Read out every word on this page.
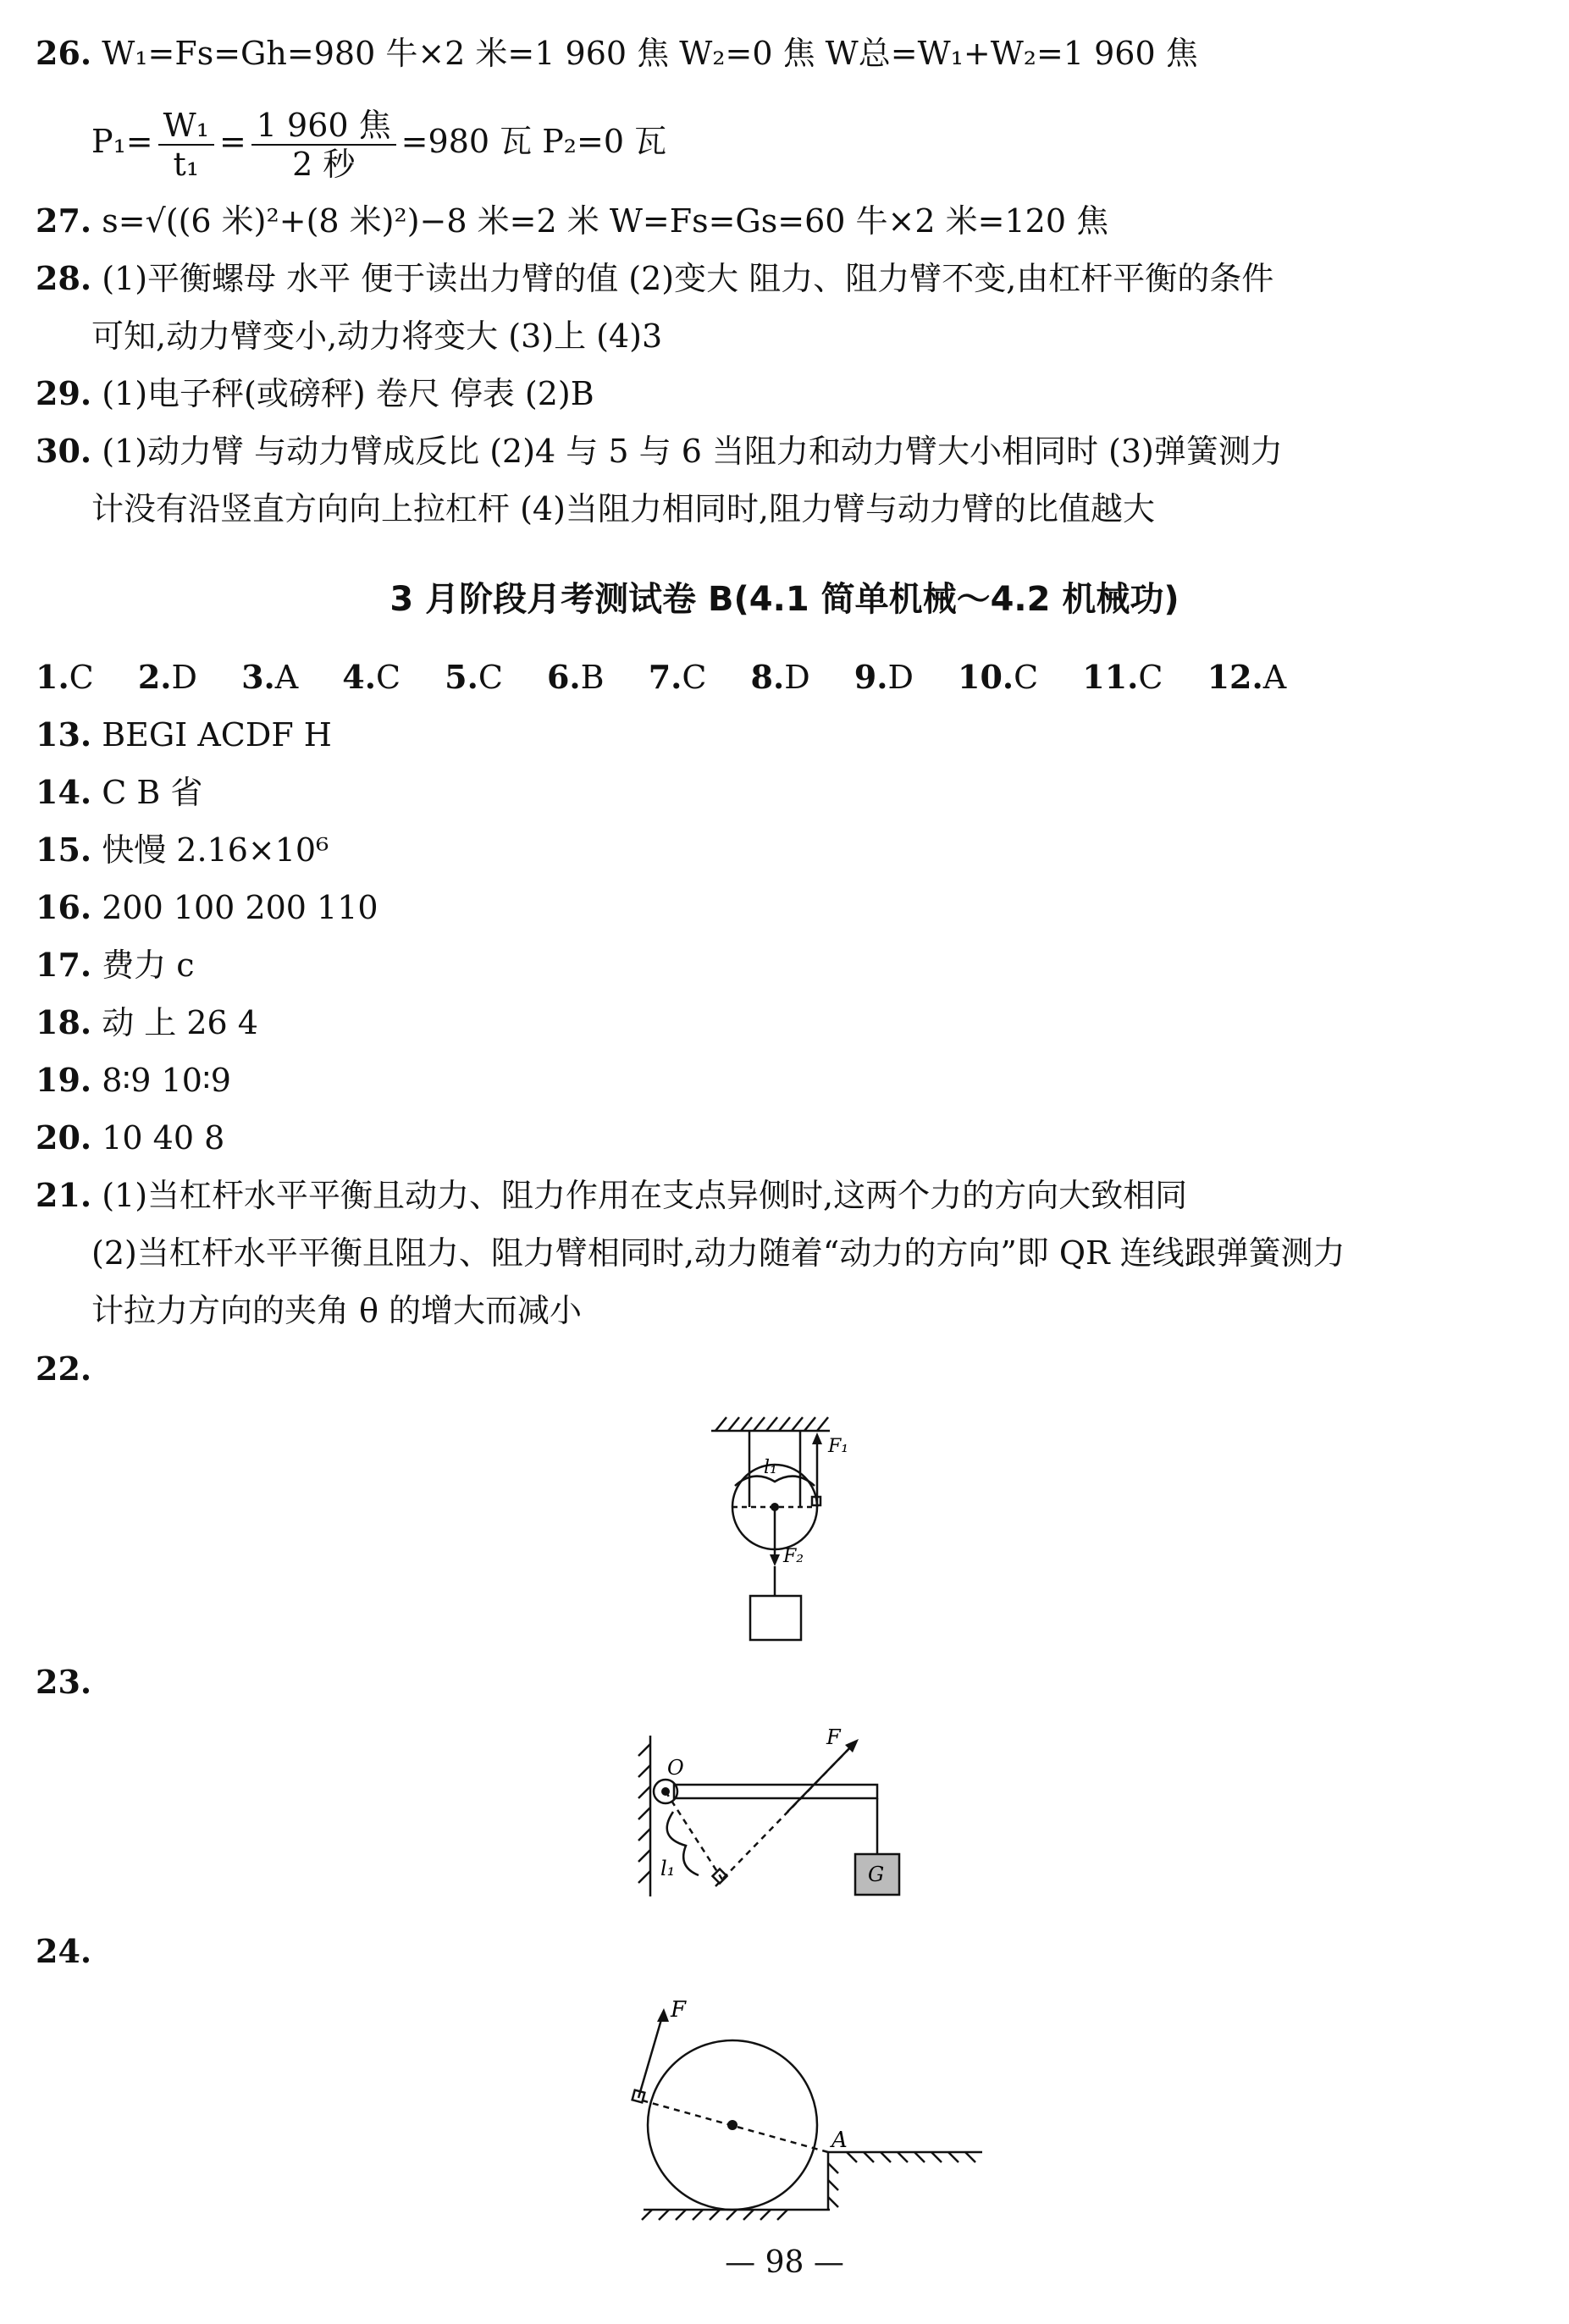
26. W₁=Fs=Gh=980 牛×2 米=1 960 焦 W₂=0 焦 W总=W₁+W₂=1 960 焦
$P_1= \frac{\text{W₁}}{\text{t₁}} = \frac{\text{1 960 焦}}{\text{2 秒}} =980$ 瓦 P₂=0 瓦
27. s=√((6 米)²+(8 米)²)−8 米=2 米 W=Fs=Gs=60 牛×2 米=120 焦
28. (1)平衡螺母 水平 便于读出力臂的值 (2)变大 阻力、阻力臂不变,由杠杆平衡的条件
可知,动力臂变小,动力将变大 (3)上 (4)3
29. (1)电子秤(或磅秤) 卷尺 停表 (2)B
30. (1)动力臂 与动力臂成反比 (2)4 与 5 与 6 当阻力和动力臂大小相同时 (3)弹簧测力
计没有沿竖直方向向上拉杠杆 (4)当阻力相同时,阻力臂与动力臂的比值越大
3 月阶段月考测试卷 B(4.1 简单机械～4.2 机械功)
1.C 2.D 3.A 4.C 5.C 6.B 7.C 8.D 9.D 10.C 11.C 12.A
13. BEGI ACDF H
14. C B 省
15. 快慢 2.16×10⁶
16. 200 100 200 110
17. 费力 c
18. 动 上 26 4
19. 8∶9 10∶9
20. 10 40 8
21. (1)当杠杆水平平衡且动力、阻力作用在支点异侧时,这两个力的方向大致相同
(2)当杠杆水平平衡且阻力、阻力臂相同时,动力随着“动力的方向”即 QR 连线跟弹簧测力
计拉力方向的夹角 θ 的增大而减小
22.
l₁
F₁
F₂
23.
O
F
l₁	G
24.
F
A
— 98 —
